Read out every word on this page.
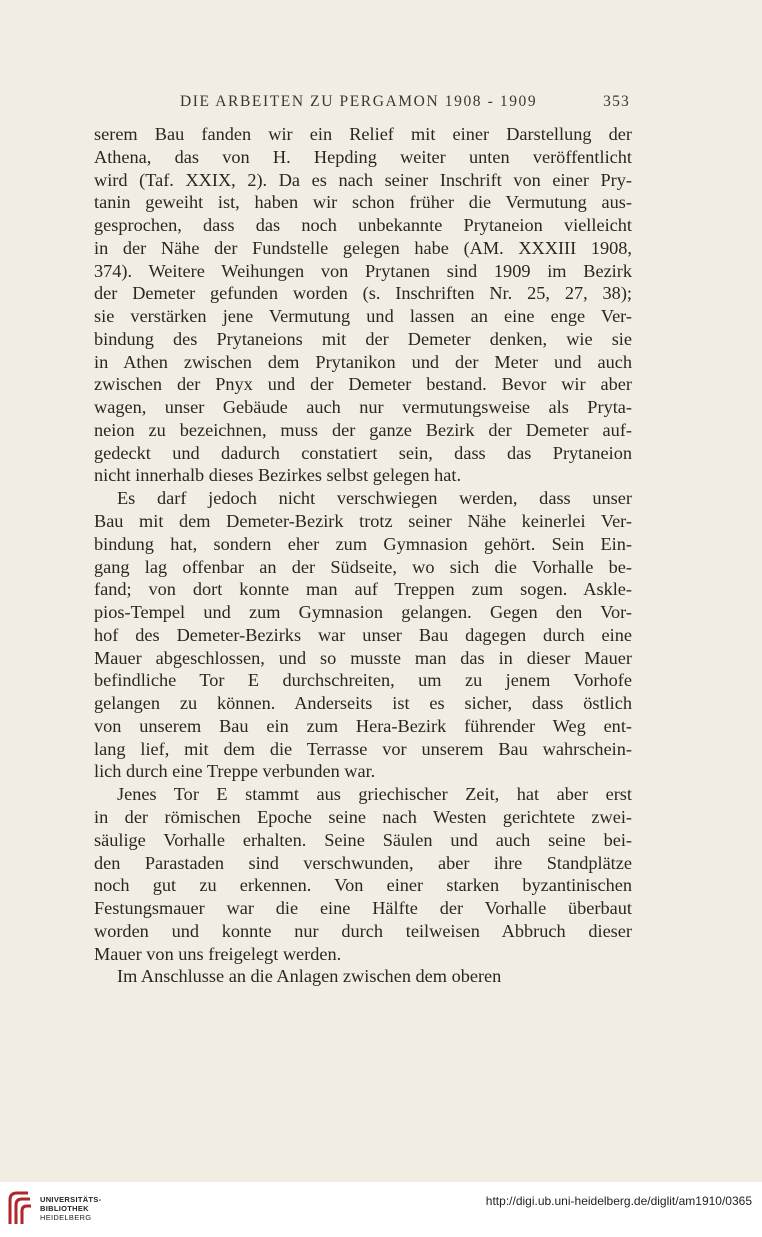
DIE ARBEITEN ZU PERGAMON 1908 - 1909	353
serem Bau fanden wir ein Relief mit einer Darstellung der
Athena, das von H. Hepding weiter unten veröffentlicht
wird (Taf. XXIX, 2). Da es nach seiner Inschrift von einer Pry-
tanin geweiht ist, haben wir schon früher die Vermutung aus-
gesprochen, dass das noch unbekannte Prytaneion vielleicht
in der Nähe der Fundstelle gelegen habe (AM. XXXIII 1908,
374). Weitere Weihungen von Prytanen sind 1909 im Bezirk
der Demeter gefunden worden (s. Inschriften Nr. 25, 27, 38);
sie verstärken jene Vermutung und lassen an eine enge Ver-
bindung des Prytaneions mit der Demeter denken, wie sie
in Athen zwischen dem Prytanikon und der Meter und auch
zwischen der Pnyx und der Demeter bestand. Bevor wir aber
wagen, unser Gebäude auch nur vermutungsweise als Pryta-
neion zu bezeichnen, muss der ganze Bezirk der Demeter auf-
gedeckt und dadurch constatiert sein, dass das Prytaneion
nicht innerhalb dieses Bezirkes selbst gelegen hat.
Es darf jedoch nicht verschwiegen werden, dass unser
Bau mit dem Demeter-Bezirk trotz seiner Nähe keinerlei Ver-
bindung hat, sondern eher zum Gymnasion gehört. Sein Ein-
gang lag offenbar an der Südseite, wo sich die Vorhalle be-
fand; von dort konnte man auf Treppen zum sogen. Askle-
pios-Tempel und zum Gymnasion gelangen. Gegen den Vor-
hof des Demeter-Bezirks war unser Bau dagegen durch eine
Mauer abgeschlossen, und so musste man das in dieser Mauer
befindliche Tor E durchschreiten, um zu jenem Vorhofe
gelangen zu können. Anderseits ist es sicher, dass östlich
von unserem Bau ein zum Hera-Bezirk führender Weg ent-
lang lief, mit dem die Terrasse vor unserem Bau wahrschein-
lich durch eine Treppe verbunden war.
Jenes Tor E stammt aus griechischer Zeit, hat aber erst
in der römischen Epoche seine nach Westen gerichtete zwei-
säulige Vorhalle erhalten. Seine Säulen und auch seine bei-
den Parastaden sind verschwunden, aber ihre Standplätze
noch gut zu erkennen. Von einer starken byzantinischen
Festungsmauer war die eine Hälfte der Vorhalle überbaut
worden und konnte nur durch teilweisen Abbruch dieser
Mauer von uns freigelegt werden.
Im Anschlusse an die Anlagen zwischen dem oberen
UNIVERSITÄTS-
BIBLIOTHEK
HEIDELBERG
http://digi.ub.uni-heidelberg.de/diglit/am1910/0365
